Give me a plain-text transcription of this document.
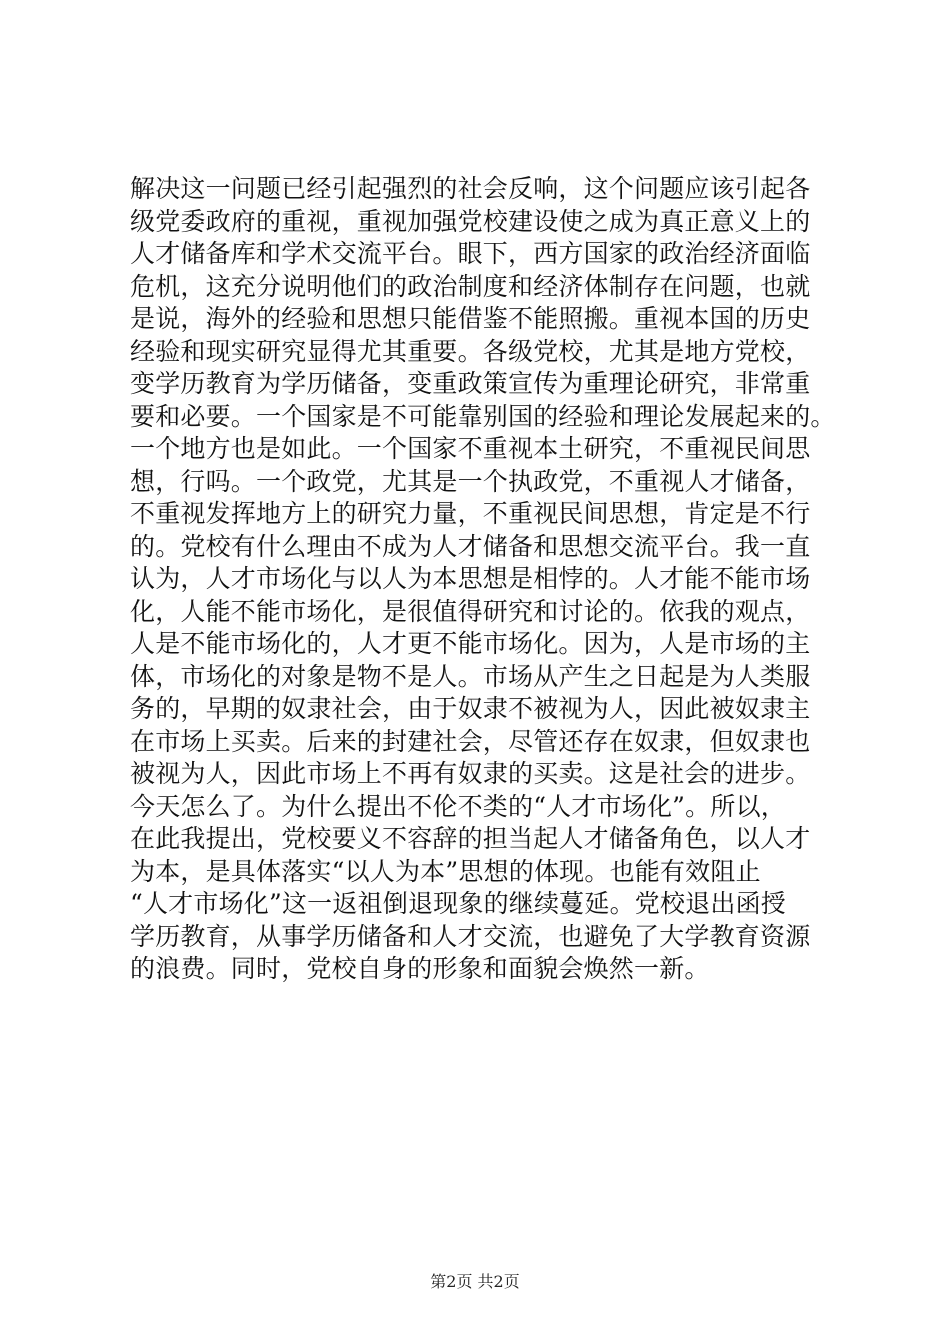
解决这一问题已经引起强烈的社会反响，这个问题应该引起各
级党委政府的重视，重视加强党校建设使之成为真正意义上的
人才储备库和学术交流平台。眼下，西方国家的政治经济面临
危机，这充分说明他们的政治制度和经济体制存在问题，也就
是说，海外的经验和思想只能借鉴不能照搬。重视本国的历史
经验和现实研究显得尤其重要。各级党校，尤其是地方党校，
变学历教育为学历储备，变重政策宣传为重理论研究，非常重
要和必要。一个国家是不可能靠别国的经验和理论发展起来的。
一个地方也是如此。一个国家不重视本土研究，不重视民间思
想，行吗。一个政党，尤其是一个执政党，不重视人才储备，
不重视发挥地方上的研究力量，不重视民间思想，肯定是不行
的。党校有什么理由不成为人才储备和思想交流平台。我一直
认为，人才市场化与以人为本思想是相悖的。人才能不能市场
化，人能不能市场化，是很值得研究和讨论的。依我的观点，
人是不能市场化的，人才更不能市场化。因为，人是市场的主
体，市场化的对象是物不是人。市场从产生之日起是为人类服
务的，早期的奴隶社会，由于奴隶不被视为人，因此被奴隶主
在市场上买卖。后来的封建社会，尽管还存在奴隶，但奴隶也
被视为人，因此市场上不再有奴隶的买卖。这是社会的进步。
今天怎么了。为什么提出不伦不类的“人才市场化”。所以，
在此我提出，党校要义不容辞的担当起人才储备角色，以人才
为本，是具体落实“以人为本”思想的体现。也能有效阻止
“人才市场化”这一返祖倒退现象的继续蔓延。党校退出函授
学历教育，从事学历储备和人才交流，也避免了大学教育资源
的浪费。同时，党校自身的形象和面貌会焕然一新。
第2页 共2页
